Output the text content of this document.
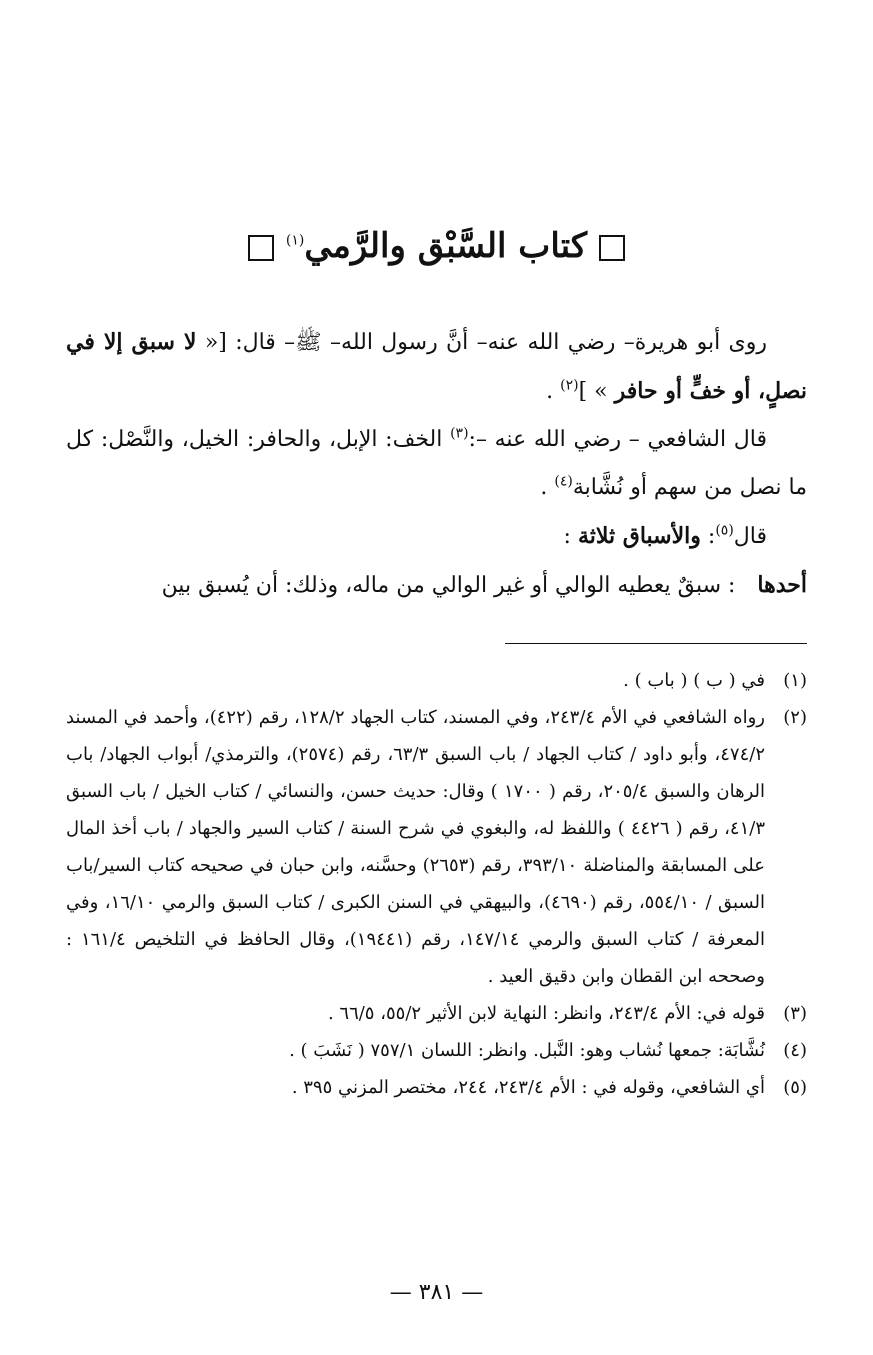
كتاب السَّبْق والرَّمي$^{(١)}$

روى أبو هريرة– رضي الله عنه– أنَّ رسول الله– ﷺ– قال: [« لا سبق إلا في نصلٍ، أو خفٍّ أو حافر » ]$^{(٢)}$ .

قال الشافعي – رضي الله عنه –:$^{(٣)}$ الخف: الإبل، والحافر: الخيل، والنَّصْل: كل ما نصل من سهم أو نُشَّابة$^{(٤)}$ .

قال$^{(٥)}$: والأسباق ثلاثة :

أحدها: سبقٌ يعطيه الوالي أو غير الوالي من ماله، وذلك: أن يُسبق بين

(١)
في ( ب ) ( باب ) .
(٢)
رواه الشافعي في الأم ٢٤٣/٤، وفي المسند، كتاب الجهاد ١٢٨/٢، رقم (٤٢٢)، وأحمد في المسند ٤٧٤/٢، وأبو داود / كتاب الجهاد / باب السبق ٦٣/٣، رقم (٢٥٧٤)، والترمذي/ أبواب الجهاد/ باب الرهان والسبق ٢٠٥/٤، رقم ( ١٧٠٠ ) وقال: حديث حسن، والنسائي / كتاب الخيل / باب السبق ٤١/٣، رقم ( ٤٤٢٦ ) واللفظ له، والبغوي في شرح السنة / كتاب السير والجهاد / باب أخذ المال على المسابقة والمناضلة ٣٩٣/١٠، رقم (٢٦٥٣) وحسَّنه، وابن حبان في صحيحه كتاب السير/باب السبق / ٥٥٤/١٠، رقم (٤٦٩٠)، والبيهقي في السنن الكبرى / كتاب السبق والرمي ١٦/١٠، وفي المعرفة / كتاب السبق والرمي ١٤٧/١٤، رقم (١٩٤٤١)، وقال الحافظ في التلخيص ١٦١/٤ : وصححه ابن القطان وابن دقيق العيد .
(٣)
قوله في: الأم ٢٤٣/٤، وانظر: النهاية لابن الأثير ٥٥/٢، ٦٦/٥ .
(٤)
نُشَّابَة: جمعها نُشاب وهو: النَّبل. وانظر: اللسان ٧٥٧/١ ( نَشَبَ ) .
(٥)
أي الشافعي، وقوله في : الأم ٢٤٣/٤، ٢٤٤، مختصر المزني ٣٩٥ .
— ٣٨١ —
